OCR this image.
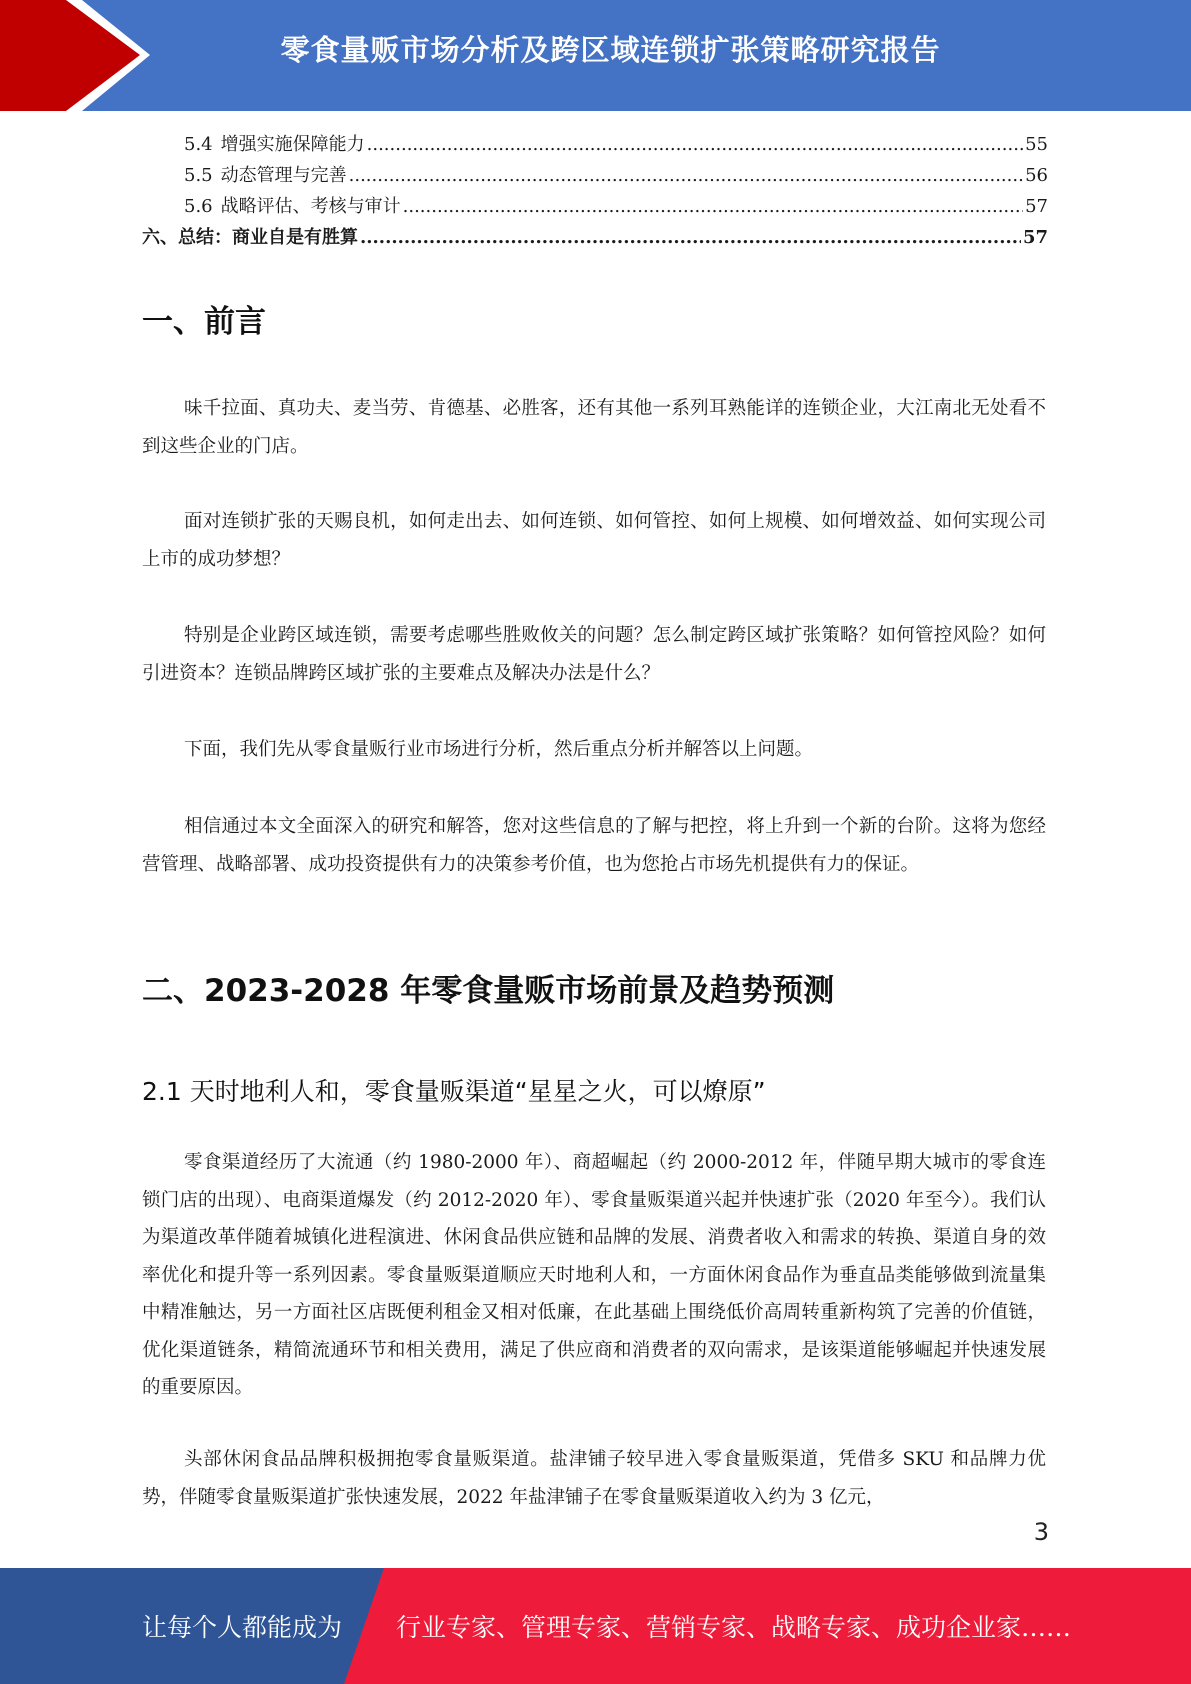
零食量贩市场分析及跨区域连锁扩张策略研究报告
5.4 增强实施保障能力 .....	55
5.5 动态管理与完善 .....	56
5.6 战略评估、考核与审计 .....	57
六、总结：商业自是有胜算 .....	57
一、前言

味千拉面、真功夫、麦当劳、肯德基、必胜客，还有其他一系列耳熟能详的连锁企业，大江南北无处看不到这些企业的门店。

面对连锁扩张的天赐良机，如何走出去、如何连锁、如何管控、如何上规模、如何增效益、如何实现公司上市的成功梦想？

特别是企业跨区域连锁，需要考虑哪些胜败攸关的问题？怎么制定跨区域扩张策略？如何管控风险？如何引进资本？连锁品牌跨区域扩张的主要难点及解决办法是什么？

下面，我们先从零食量贩行业市场进行分析，然后重点分析并解答以上问题。

相信通过本文全面深入的研究和解答，您对这些信息的了解与把控，将上升到一个新的台阶。这将为您经营管理、战略部署、成功投资提供有力的决策参考价值，也为您抢占市场先机提供有力的保证。

二、2023-2028 年零食量贩市场前景及趋势预测
2.1 天时地利人和，零食量贩渠道“星星之火，可以燎原”

零食渠道经历了大流通（约 1980-2000 年）、商超崛起（约 2000-2012 年，伴随早期大城市的零食连锁门店的出现）、电商渠道爆发（约 2012-2020 年）、零食量贩渠道兴起并快速扩张（2020 年至今）。我们认为渠道改革伴随着城镇化进程演进、休闲食品供应链和品牌的发展、消费者收入和需求的转换、渠道自身的效率优化和提升等一系列因素。零食量贩渠道顺应天时地利人和，一方面休闲食品作为垂直品类能够做到流量集中精准触达，另一方面社区店既便利租金又相对低廉，在此基础上围绕低价高周转重新构筑了完善的价值链，优化渠道链条，精简流通环节和相关费用，满足了供应商和消费者的双向需求，是该渠道能够崛起并快速发展的重要原因。

头部休闲食品品牌积极拥抱零食量贩渠道。盐津铺子较早进入零食量贩渠道，凭借多 SKU 和品牌力优势，伴随零食量贩渠道扩张快速发展，2022 年盐津铺子在零食量贩渠道收入约为 3 亿元，

3
让每个人都能成为 行业专家、管理专家、营销专家、战略专家、成功企业家……
